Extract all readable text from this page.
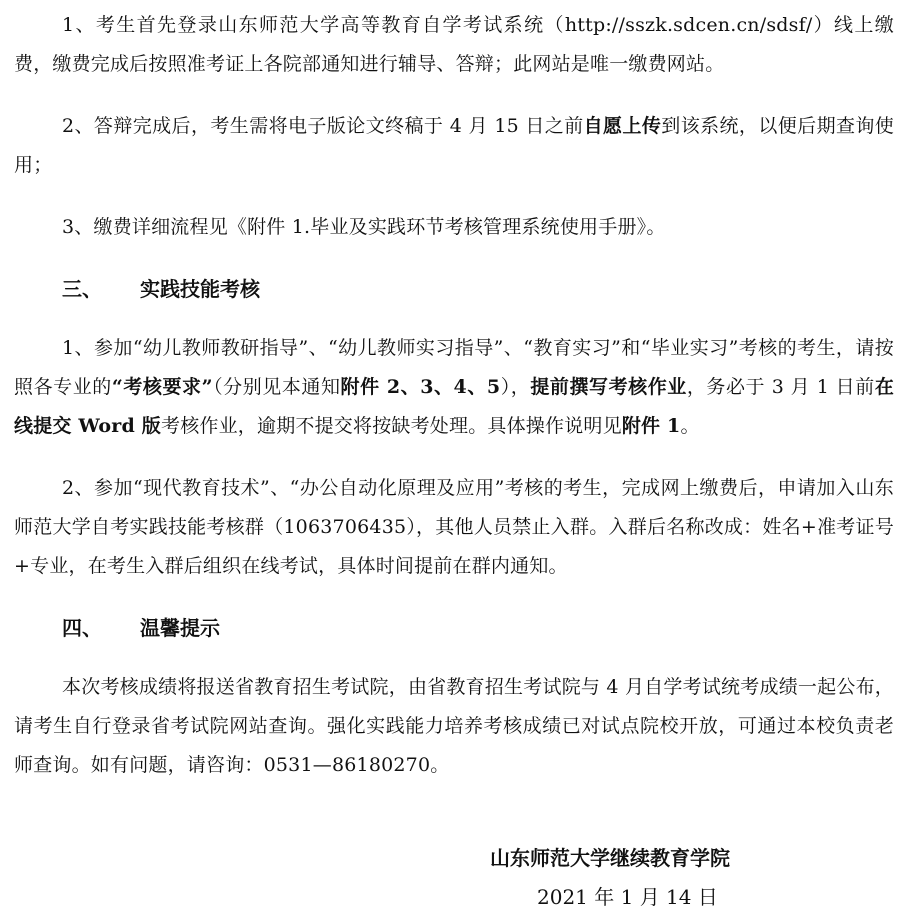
1、考生首先登录山东师范大学高等教育自学考试系统（http://sszk.sdcen.cn/sdsf/）线上缴费，缴费完成后按照准考证上各院部通知进行辅导、答辩；此网站是唯一缴费网站。

2、答辩完成后，考生需将电子版论文终稿于 4 月 15 日之前自愿上传到该系统，以便后期查询使用；

3、缴费详细流程见《附件 1.毕业及实践环节考核管理系统使用手册》。

三、 实践技能考核

1、参加“幼儿教师教研指导”、“幼儿教师实习指导”、“教育实习”和“毕业实习”考核的考生，请按照各专业的“考核要求”（分别见本通知附件 2、3、4、5），提前撰写考核作业，务必于 3 月 1 日前在线提交 Word 版考核作业，逾期不提交将按缺考处理。具体操作说明见附件 1。

2、参加“现代教育技术”、“办公自动化原理及应用”考核的考生，完成网上缴费后，申请加入山东师范大学自考实践技能考核群（1063706435），其他人员禁止入群。入群后名称改成：姓名+准考证号+专业，在考生入群后组织在线考试，具体时间提前在群内通知。

四、 温馨提示

本次考核成绩将报送省教育招生考试院，由省教育招生考试院与 4 月自学考试统考成绩一起公布，请考生自行登录省考试院网站查询。强化实践能力培养考核成绩已对试点院校开放，可通过本校负责老师查询。如有问题，请咨询：0531—86180270。

山东师范大学继续教育学院
2021 年 1 月 14 日
